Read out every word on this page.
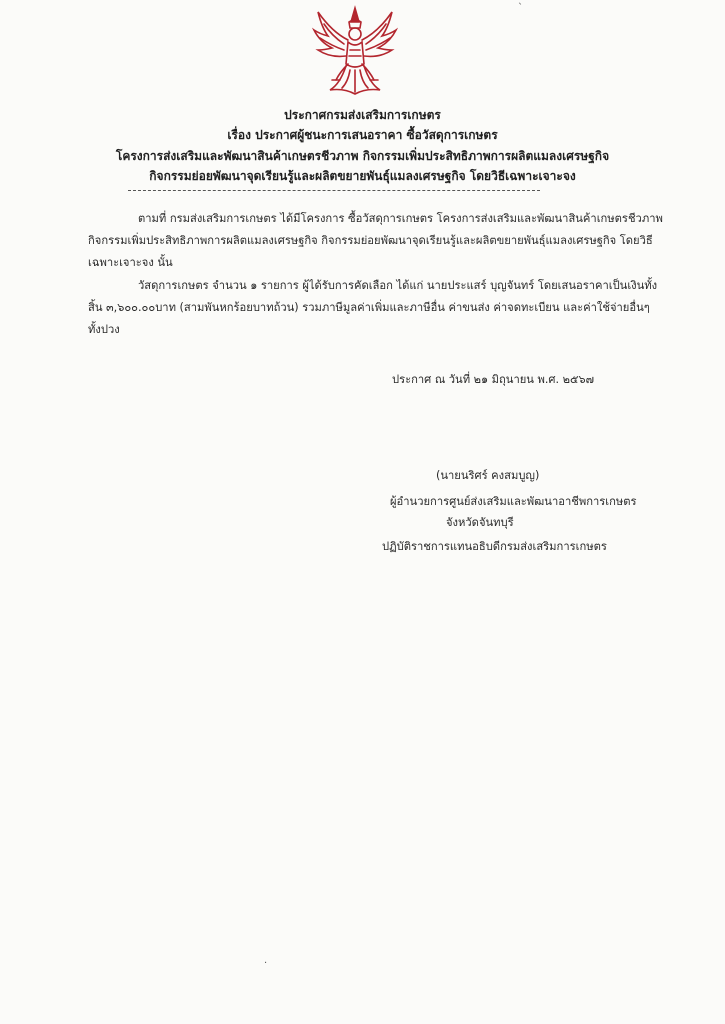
ประกาศกรมส่งเสริมการเกษตร
เรื่อง ประกาศผู้ชนะการเสนอราคา ซื้อวัสดุการเกษตร
โครงการส่งเสริมและพัฒนาสินค้าเกษตรชีวภาพ กิจกรรมเพิ่มประสิทธิภาพการผลิตแมลงเศรษฐกิจ
กิจกรรมย่อยพัฒนาจุดเรียนรู้และผลิตขยายพันธุ์แมลงเศรษฐกิจ โดยวิธีเฉพาะเจาะจง
ตามที่ กรมส่งเสริมการเกษตร ได้มีโครงการ ซื้อวัสดุการเกษตร โครงการส่งเสริมและพัฒนาสินค้าเกษตรชีวภาพ กิจกรรมเพิ่มประสิทธิภาพการผลิตแมลงเศรษฐกิจ กิจกรรมย่อยพัฒนาจุดเรียนรู้และผลิตขยายพันธุ์แมลงเศรษฐกิจ โดยวิธีเฉพาะเจาะจง นั้น
วัสดุการเกษตร จำนวน ๑ รายการ ผู้ได้รับการคัดเลือก ได้แก่ นายประแสร์ บุญจันทร์ โดยเสนอราคาเป็นเงินทั้งสิ้น ๓,๖๐๐.๐๐บาท (สามพันหกร้อยบาทถ้วน) รวมภาษีมูลค่าเพิ่มและภาษีอื่น ค่าขนส่ง ค่าจดทะเบียน และค่าใช้จ่ายอื่นๆ ทั้งปวง
ประกาศ ณ วันที่ ๒๑ มิถุนายน พ.ศ. ๒๕๖๗
(นายนริศร์ คงสมบูญ)
ผู้อำนวยการศูนย์ส่งเสริมและพัฒนาอาชีพการเกษตร
จังหวัดจันทบุรี
ปฏิบัติราชการแทนอธิบดีกรมส่งเสริมการเกษตร
·
